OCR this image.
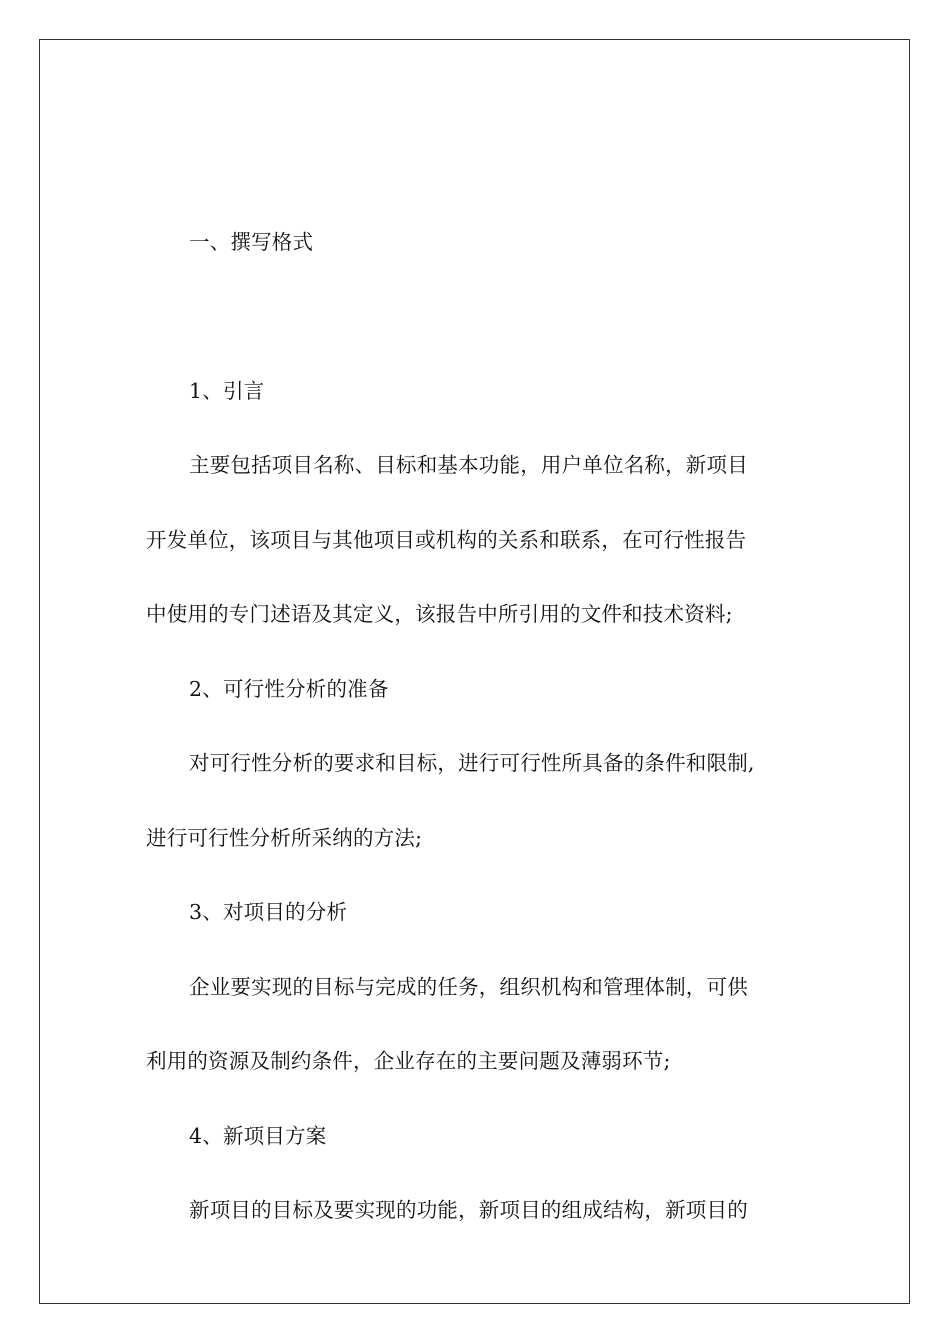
一、撰写格式
1、引言
主要包括项目名称、目标和基本功能，用户单位名称，新项目
开发单位，该项目与其他项目或机构的关系和联系，在可行性报告
中使用的专门述语及其定义，该报告中所引用的文件和技术资料;
2、可行性分析的准备
对可行性分析的要求和目标，进行可行性所具备的条件和限制,
进行可行性分析所采纳的方法;
3、对项目的分析
企业要实现的目标与完成的任务，组织机构和管理体制，可供
利用的资源及制约条件，企业存在的主要问题及薄弱环节;
4、新项目方案
新项目的目标及要实现的功能，新项目的组成结构，新项目的
